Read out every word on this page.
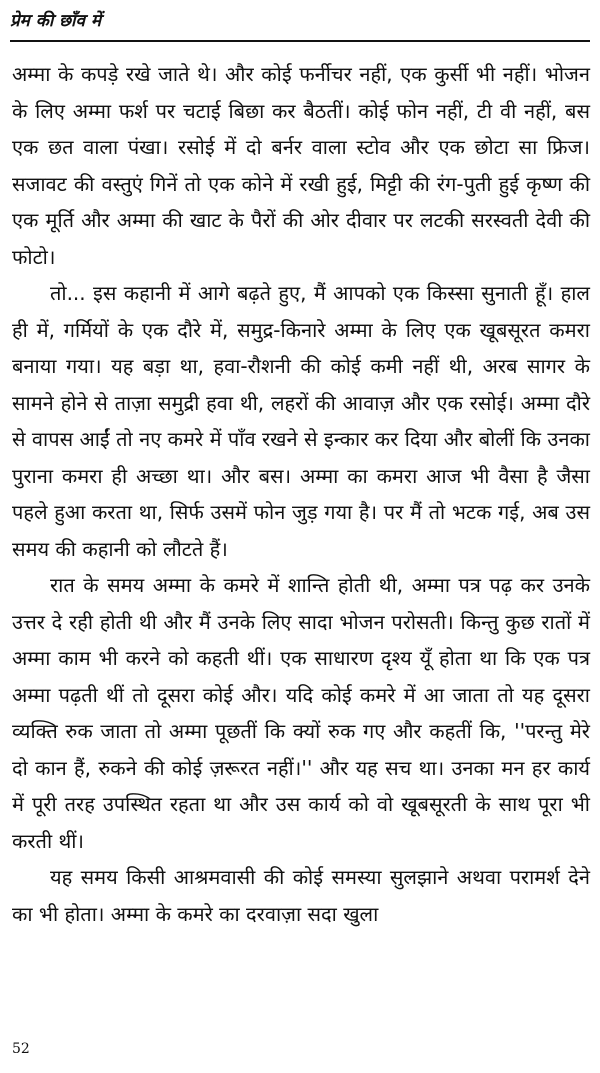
प्रेम की छाँव में

अम्मा के कपड़े रखे जाते थे। और कोई फर्नीचर नहीं, एक कुर्सी भी नहीं। भोजन के लिए अम्मा फर्श पर चटाई बिछा कर बैठतीं। कोई फोन नहीं, टी वी नहीं, बस एक छत वाला पंखा। रसोई में दो बर्नर वाला स्टोव और एक छोटा सा फ्रिज। सजावट की वस्तुएं गिनें तो एक कोने में रखी हुई, मिट्टी की रंग-पुती हुई कृष्ण की एक मूर्ति और अम्मा की खाट के पैरों की ओर दीवार पर लटकी सरस्वती देवी की फोटो।

तो... इस कहानी में आगे बढ़ते हुए, मैं आपको एक किस्सा सुनाती हूँ। हाल ही में, गर्मियों के एक दौरे में, समुद्र-किनारे अम्मा के लिए एक खूबसूरत कमरा बनाया गया। यह बड़ा था, हवा-रौशनी की कोई कमी नहीं थी, अरब सागर के सामने होने से ताज़ा समुद्री हवा थी, लहरों की आवाज़ और एक रसोई। अम्मा दौरे से वापस आईं तो नए कमरे में पाँव रखने से इन्कार कर दिया और बोलीं कि उनका पुराना कमरा ही अच्छा था। और बस। अम्मा का कमरा आज भी वैसा है जैसा पहले हुआ करता था, सिर्फ उसमें फोन जुड़ गया है। पर मैं तो भटक गई, अब उस समय की कहानी को लौटते हैं।

रात के समय अम्मा के कमरे में शान्ति होती थी, अम्मा पत्र पढ़ कर उनके उत्तर दे रही होती थी और मैं उनके लिए सादा भोजन परोसती। किन्तु कुछ रातों में अम्मा काम भी करने को कहती थीं। एक साधारण दृश्य यूँ होता था कि एक पत्र अम्मा पढ़ती थीं तो दूसरा कोई और। यदि कोई कमरे में आ जाता तो यह दूसरा व्यक्ति रुक जाता तो अम्मा पूछतीं कि क्यों रुक गए और कहतीं कि, ''परन्तु मेरे दो कान हैं, रुकने की कोई ज़रूरत नहीं।'' और यह सच था। उनका मन हर कार्य में पूरी तरह उपस्थित रहता था और उस कार्य को वो खूबसूरती के साथ पूरा भी करती थीं।

यह समय किसी आश्रमवासी की कोई समस्या सुलझाने अथवा परामर्श देने का भी होता। अम्मा के कमरे का दरवाज़ा सदा खुला

52
